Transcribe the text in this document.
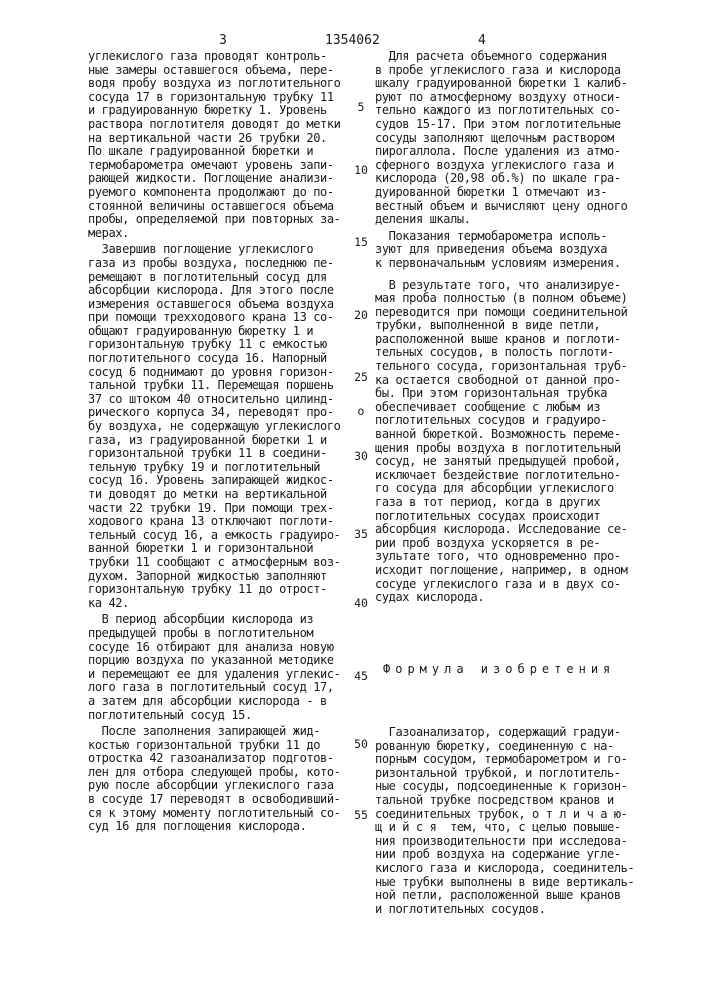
3	1354062	4
углекислого газа проводят контроль-
ные замеры оставшегося объема, пере-
водя пробу воздуха из поглотительного
сосуда 17 в горизонтальную трубку 11
и градуированную бюретку 1. Уровень
раствора поглотителя доводят до метки
на вертикальной части 26 трубки 20.
По шкале градуированной бюретки и
термобарометра омечают уровень запи-
рающей жидкости. Поглощение анализи-
руемого компонента продолжают до по-
стоянной величины оставшегося объема
пробы, определяемой при повторных за-
мерах.
Завершив поглощение углекислого
газа из пробы воздуха, последнюю пе-
ремещают в поглотительный сосуд для
абсорбции кислорода. Для этого после
измерения оставшегося объема воздуха
при помощи трехходового крана 13 со-
общают градуированную бюретку 1 и
горизонтальную трубку 11 с емкостью
поглотительного сосуда 16. Напорный
сосуд 6 поднимают до уровня горизон-
тальной трубки 11. Перемещая поршень
37 со штоком 40 относительно цилинд-
рического корпуса 34, переводят про-
бу воздуха, не содержащую углекислого
газа, из градуированной бюретки 1 и
горизонтальной трубки 11 в соедини-
тельную трубку 19 и поглотительный
сосуд 16. Уровень запирающей жидкос-
ти доводят до метки на вертикальной
части 22 трубки 19. При помощи трех-
ходового крана 13 отключают поглоти-
тельный сосуд 16, а емкость градуиро-
ванной бюретки 1 и горизонтальной
трубки 11 сообщают с атмосферным воз-
духом. Запорной жидкостью заполняют
горизонтальную трубку 11 до отрост-
ка 42.
В период абсорбции кислорода из
предыдущей пробы в поглотительном
сосуде 16 отбирают для анализа новую
порцию воздуха по указанной методике
и перемещают ее для удаления углекис-
лого газа в поглотительный сосуд 17,
а затем для абсорбции кислорода - в
поглотительный сосуд 15.
После заполнения запирающей жид-
костью горизонтальной трубки 11 до
отростка 42 газоанализатор подготов-
лен для отбора следующей пробы, кото-
рую после абсорбции углекислого газа
в сосуде 17 переводят в освободивший-
ся к этому моменту поглотительный со-
суд 16 для поглощения кислорода.
Для расчета объемного содержания
в пробе углекислого газа и кислорода
шкалу градуированной бюретки 1 калиб-
руют по атмосферному воздуху относи-
тельно каждого из поглотительных со-
судов 15-17. При этом поглотительные
сосуды заполняют щелочным раствором
пирогаллола. После удаления из атмо-
сферного воздуха углекислого газа и
кислорода (20,98 об.%) по шкале гра-
дуированной бюретки 1 отмечают из-
вестный объем и вычисляют цену одного
деления шкалы.
Показания термобарометра исполь-
зуют для приведения объема воздуха
к первоначальным условиям измерения.
В результате того, что анализируе-
мая проба полностью (в полном объеме)
переводится при помощи соединительной
трубки, выполненной в виде петли,
расположенной выше кранов и поглоти-
тельных сосудов, в полость поглоти-
тельного сосуда, горизонтальная труб-
ка остается свободной от данной про-
бы. При этом горизонтальная трубка
обеспечивает сообщение с любым из
поглотительных сосудов и градуиро-
ванной бюреткой. Возможность переме-
щения пробы воздуха в поглотительный
сосуд, не занятый предыдущей пробой,
исключает бездействие поглотительно-
го сосуда для абсорбции углекислого
газа в тот период, когда в других
поглотительных сосудах происходит
абсорбция кислорода. Исследование се-
рии проб воздуха ускоряется в ре-
зультате того, что одновременно про-
исходит поглощение, например, в одном
сосуде углекислого газа и в двух со-
судах кислорода.

Формула изобретения

Газоанализатор, содержащий градуи-
рованную бюретку, соединенную с на-
порным сосудом, термобарометром и го-
ризонтальной трубкой, и поглотитель-
ные сосуды, подсоединенные к горизон-
тальной трубке посредством кранов и
соединительных трубок, о т л и ч а ю-
щ и й с я  тем, что, с целью повыше-
ния производительности при исследова-
нии проб воздуха на содержание угле-
кислого газа и кислорода, соединитель-
ные трубки выполнены в виде вертикаль-
ной петли, расположенной выше кранов
и поглотительных сосудов.

5
10
15
20
25
o
30
35
40
45
50
55
